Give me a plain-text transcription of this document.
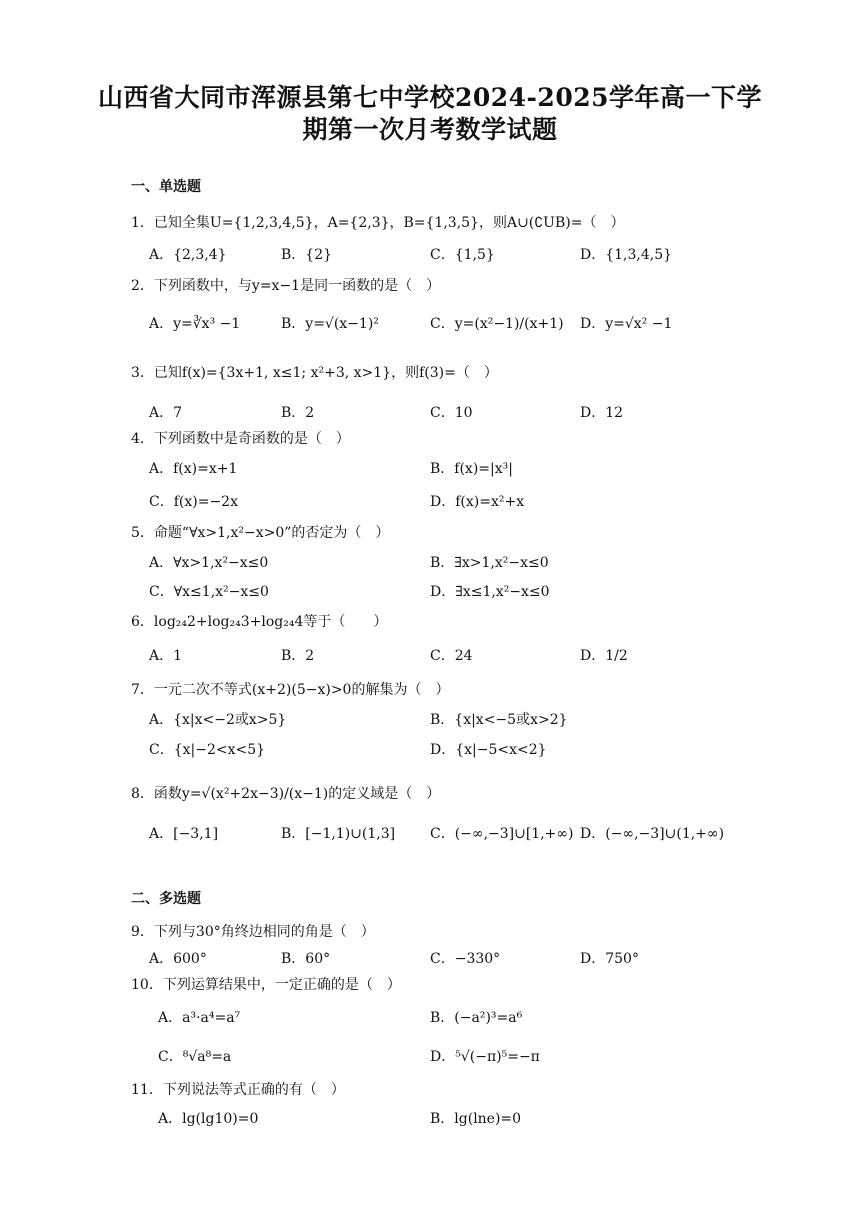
山西省大同市浑源县第七中学校2024-2025学年高一下学
期第一次月考数学试题
一、单选题
1．已知全集U={1,2,3,4,5}，A={2,3}，B={1,3,5}，则A∪(∁UB)=（　）
A．{2,3,4}	B．{2}	C．{1,5}	D．{1,3,4,5}
2．下列函数中，与y=x−1是同一函数的是（　）
A．y=∛x³ −1	B．y=√(x−1)²	C．y=(x²−1)/(x+1) D．y=√x² −1
3．已知f(x)={3x+1, x≤1; x²+3, x>1}，则f(3)=（　）
A．7	B．2	C．10	D．12
4．下列函数中是奇函数的是（　）
A．f(x)=x+1	B．f(x)=|x³|
C．f(x)=−2x	D．f(x)=x²+x
5．命题“∀x>1,x²−x>0”的否定为（　）
A．∀x>1,x²−x≤0	B．∃x>1,x²−x≤0
C．∀x≤1,x²−x≤0	D．∃x≤1,x²−x≤0
6．log₂₄2+log₂₄3+log₂₄4等于（　　）
A．1	B．2	C．24	D．1/2
7．一元二次不等式(x+2)(5−x)>0的解集为（　）
A．{x|x<−2或x>5}	B．{x|x<−5或x>2}
C．{x|−2<x<5}	D．{x|−5<x<2}
8．函数y=√(x²+2x−3)/(x−1)的定义域是（　）
A．[−3,1]	B．[−1,1)∪(1,3] C．(−∞,−3]∪[1,+∞) D．(−∞,−3]∪(1,+∞)
二、多选题
9．下列与30°角终边相同的角是（　）
A．600°	B．60°	C．−330°	D．750°
10．下列运算结果中，一定正确的是（　）
A．a³·a⁴=a⁷	B．(−a²)³=a⁶
C．⁸√a⁸=a	D．⁵√(−π)⁵=−π
11．下列说法等式正确的有（　）
A．lg(lg10)=0	B．lg(lne)=0
